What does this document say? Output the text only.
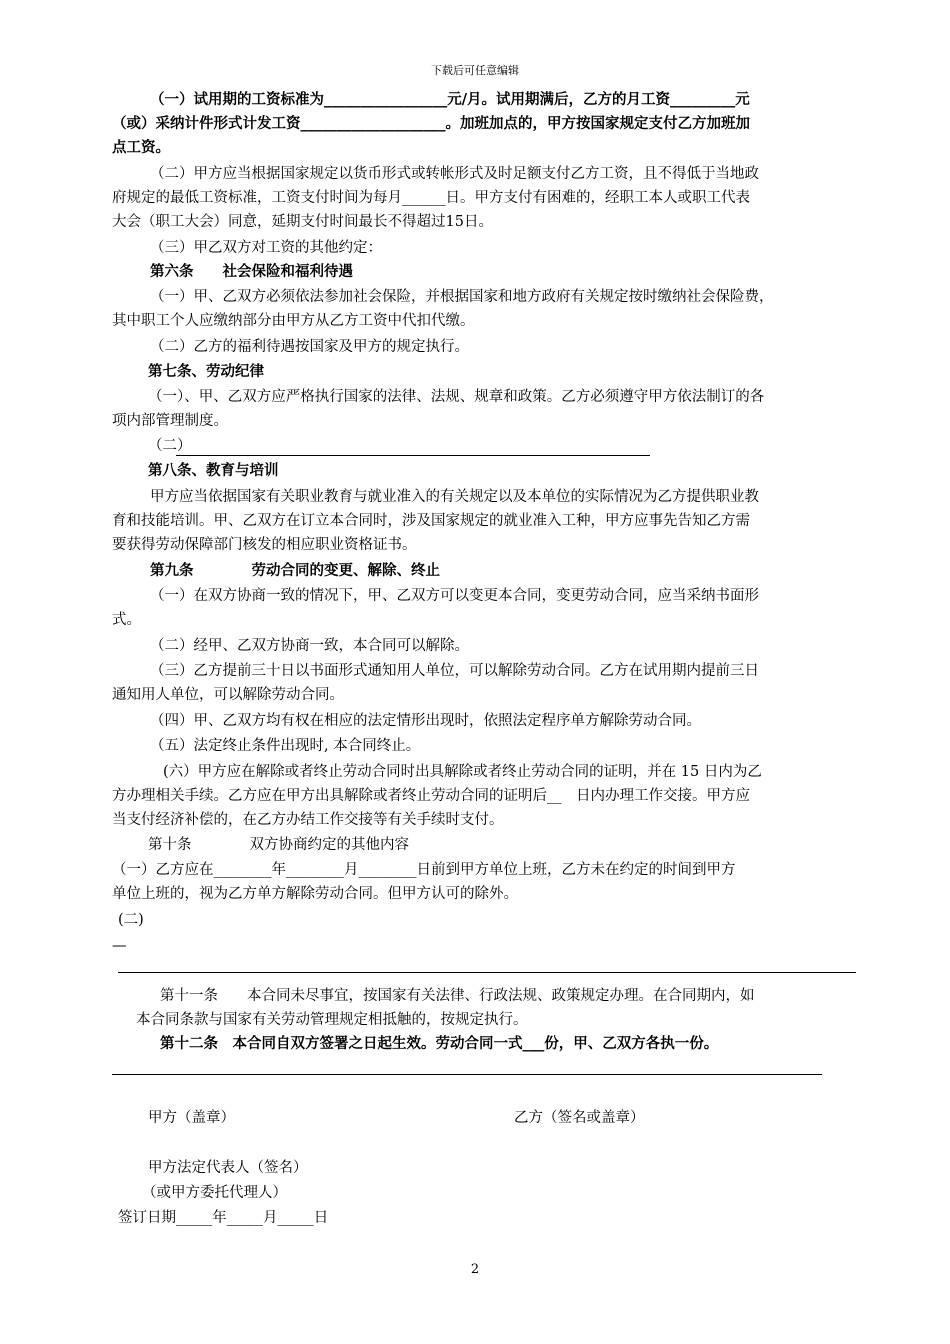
下载后可任意编辑
（一）试用期的工资标准为_________________元/月。试用期满后，乙方的月工资_________元
（或）采纳计件形式计发工资____________________。加班加点的，甲方按国家规定支付乙方加班加
点工资。
（二）甲方应当根据国家规定以货币形式或转帐形式及时足额支付乙方工资，且不得低于当地政
府规定的最低工资标准，工资支付时间为每月______日。甲方支付有困难的，经职工本人或职工代表
大会（职工大会）同意，延期支付时间最长不得超过15日。
（三）甲乙双方对工资的其他约定：
第六条　　社会保险和福利待遇
（一）甲、乙双方必须依法参加社会保险，并根据国家和地方政府有关规定按时缴纳社会保险费，
其中职工个人应缴纳部分由甲方从乙方工资中代扣代缴。
（二）乙方的福利待遇按国家及甲方的规定执行。
第七条、劳动纪律
（一）、甲、乙双方应严格执行国家的法律、法规、规章和政策。乙方必须遵守甲方依法制订的各
项内部管理制度。
（二）
第八条、教育与培训
甲方应当依据国家有关职业教育与就业准入的有关规定以及本单位的实际情况为乙方提供职业教
育和技能培训。甲、乙双方在订立本合同时，涉及国家规定的就业准入工种，甲方应事先告知乙方需
要获得劳动保障部门核发的相应职业资格证书。
第九条　　　　劳动合同的变更、解除、终止
（一）在双方协商一致的情况下，甲、乙双方可以变更本合同，变更劳动合同，应当采纳书面形
式。
（二）经甲、乙双方协商一致，本合同可以解除。
（三）乙方提前三十日以书面形式通知用人单位，可以解除劳动合同。乙方在试用期内提前三日
通知用人单位，可以解除劳动合同。
（四）甲、乙双方均有权在相应的法定情形出现时，依照法定程序单方解除劳动合同。
（五）法定终止条件出现时, 本合同终止。
(六）甲方应在解除或者终止劳动合同时出具解除或者终止劳动合同的证明，并在 15 日内为乙
方办理相关手续。乙方应在甲方出具解除或者终止劳动合同的证明后__　日内办理工作交接。甲方应
当支付经济补偿的，在乙方办结工作交接等有关手续时支付。
第十条　　　　双方协商约定的其他内容
（一）乙方应在________年________月________日前到甲方单位上班，乙方未在约定的时间到甲方
单位上班的，视为乙方单方解除劳动合同。但甲方认可的除外。
(二)
—
第十一条　　本合同未尽事宜，按国家有关法律、行政法规、政策规定办理。在合同期内，如
本合同条款与国家有关劳动管理规定相抵触的，按规定执行。
第十二条　本合同自双方签署之日起生效。劳动合同一式___份，甲、乙双方各执一份。
甲方（盖章）	乙方（签名或盖章）
甲方法定代表人（签名）
（或甲方委托代理人）
签订日期_____年_____月_____日
2
